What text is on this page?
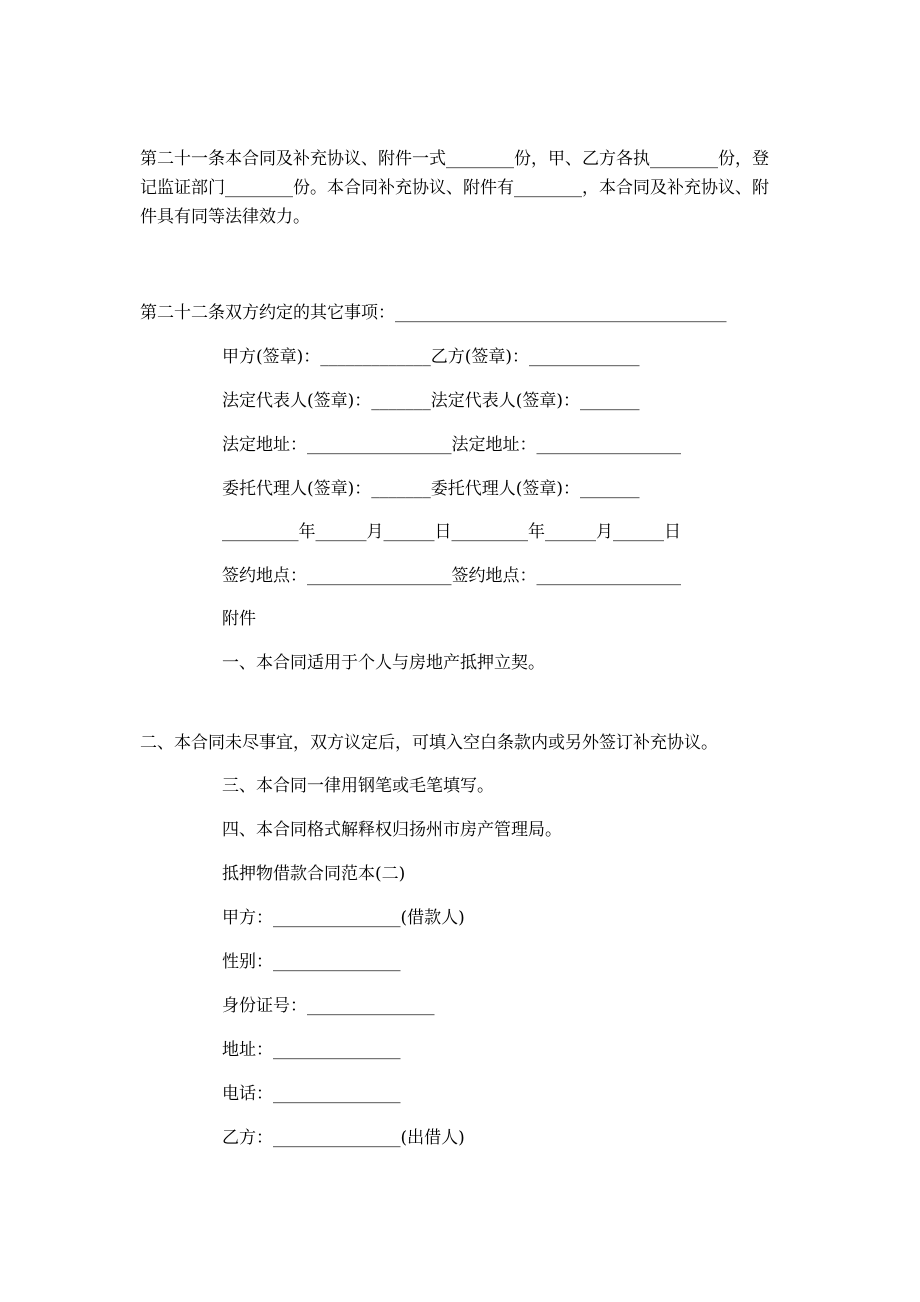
第二十一条本合同及补充协议、附件一式________份，甲、乙方各执________份，登记监证部门________份。本合同补充协议、附件有________，本合同及补充协议、附件具有同等法律效力。

第二十二条双方约定的其它事项：_______________________________________
甲方(签章)：_____________乙方(签章)：_____________
法定代表人(签章)：_______法定代表人(签章)：_______
法定地址：_________________法定地址：_________________
委托代理人(签章)：_______委托代理人(签章)：_______
_________年______月______日_________年______月______日
签约地点：_________________签约地点：_________________
附件
一、本合同适用于个人与房地产抵押立契。
二、本合同未尽事宜，双方议定后，可填入空白条款内或另外签订补充协议。
三、本合同一律用钢笔或毛笔填写。
四、本合同格式解释权归扬州市房产管理局。
抵押物借款合同范本(二)
甲方：_______________(借款人)
性别：_______________
身份证号：_______________
地址：_______________
电话：_______________
乙方：_______________(出借人)
